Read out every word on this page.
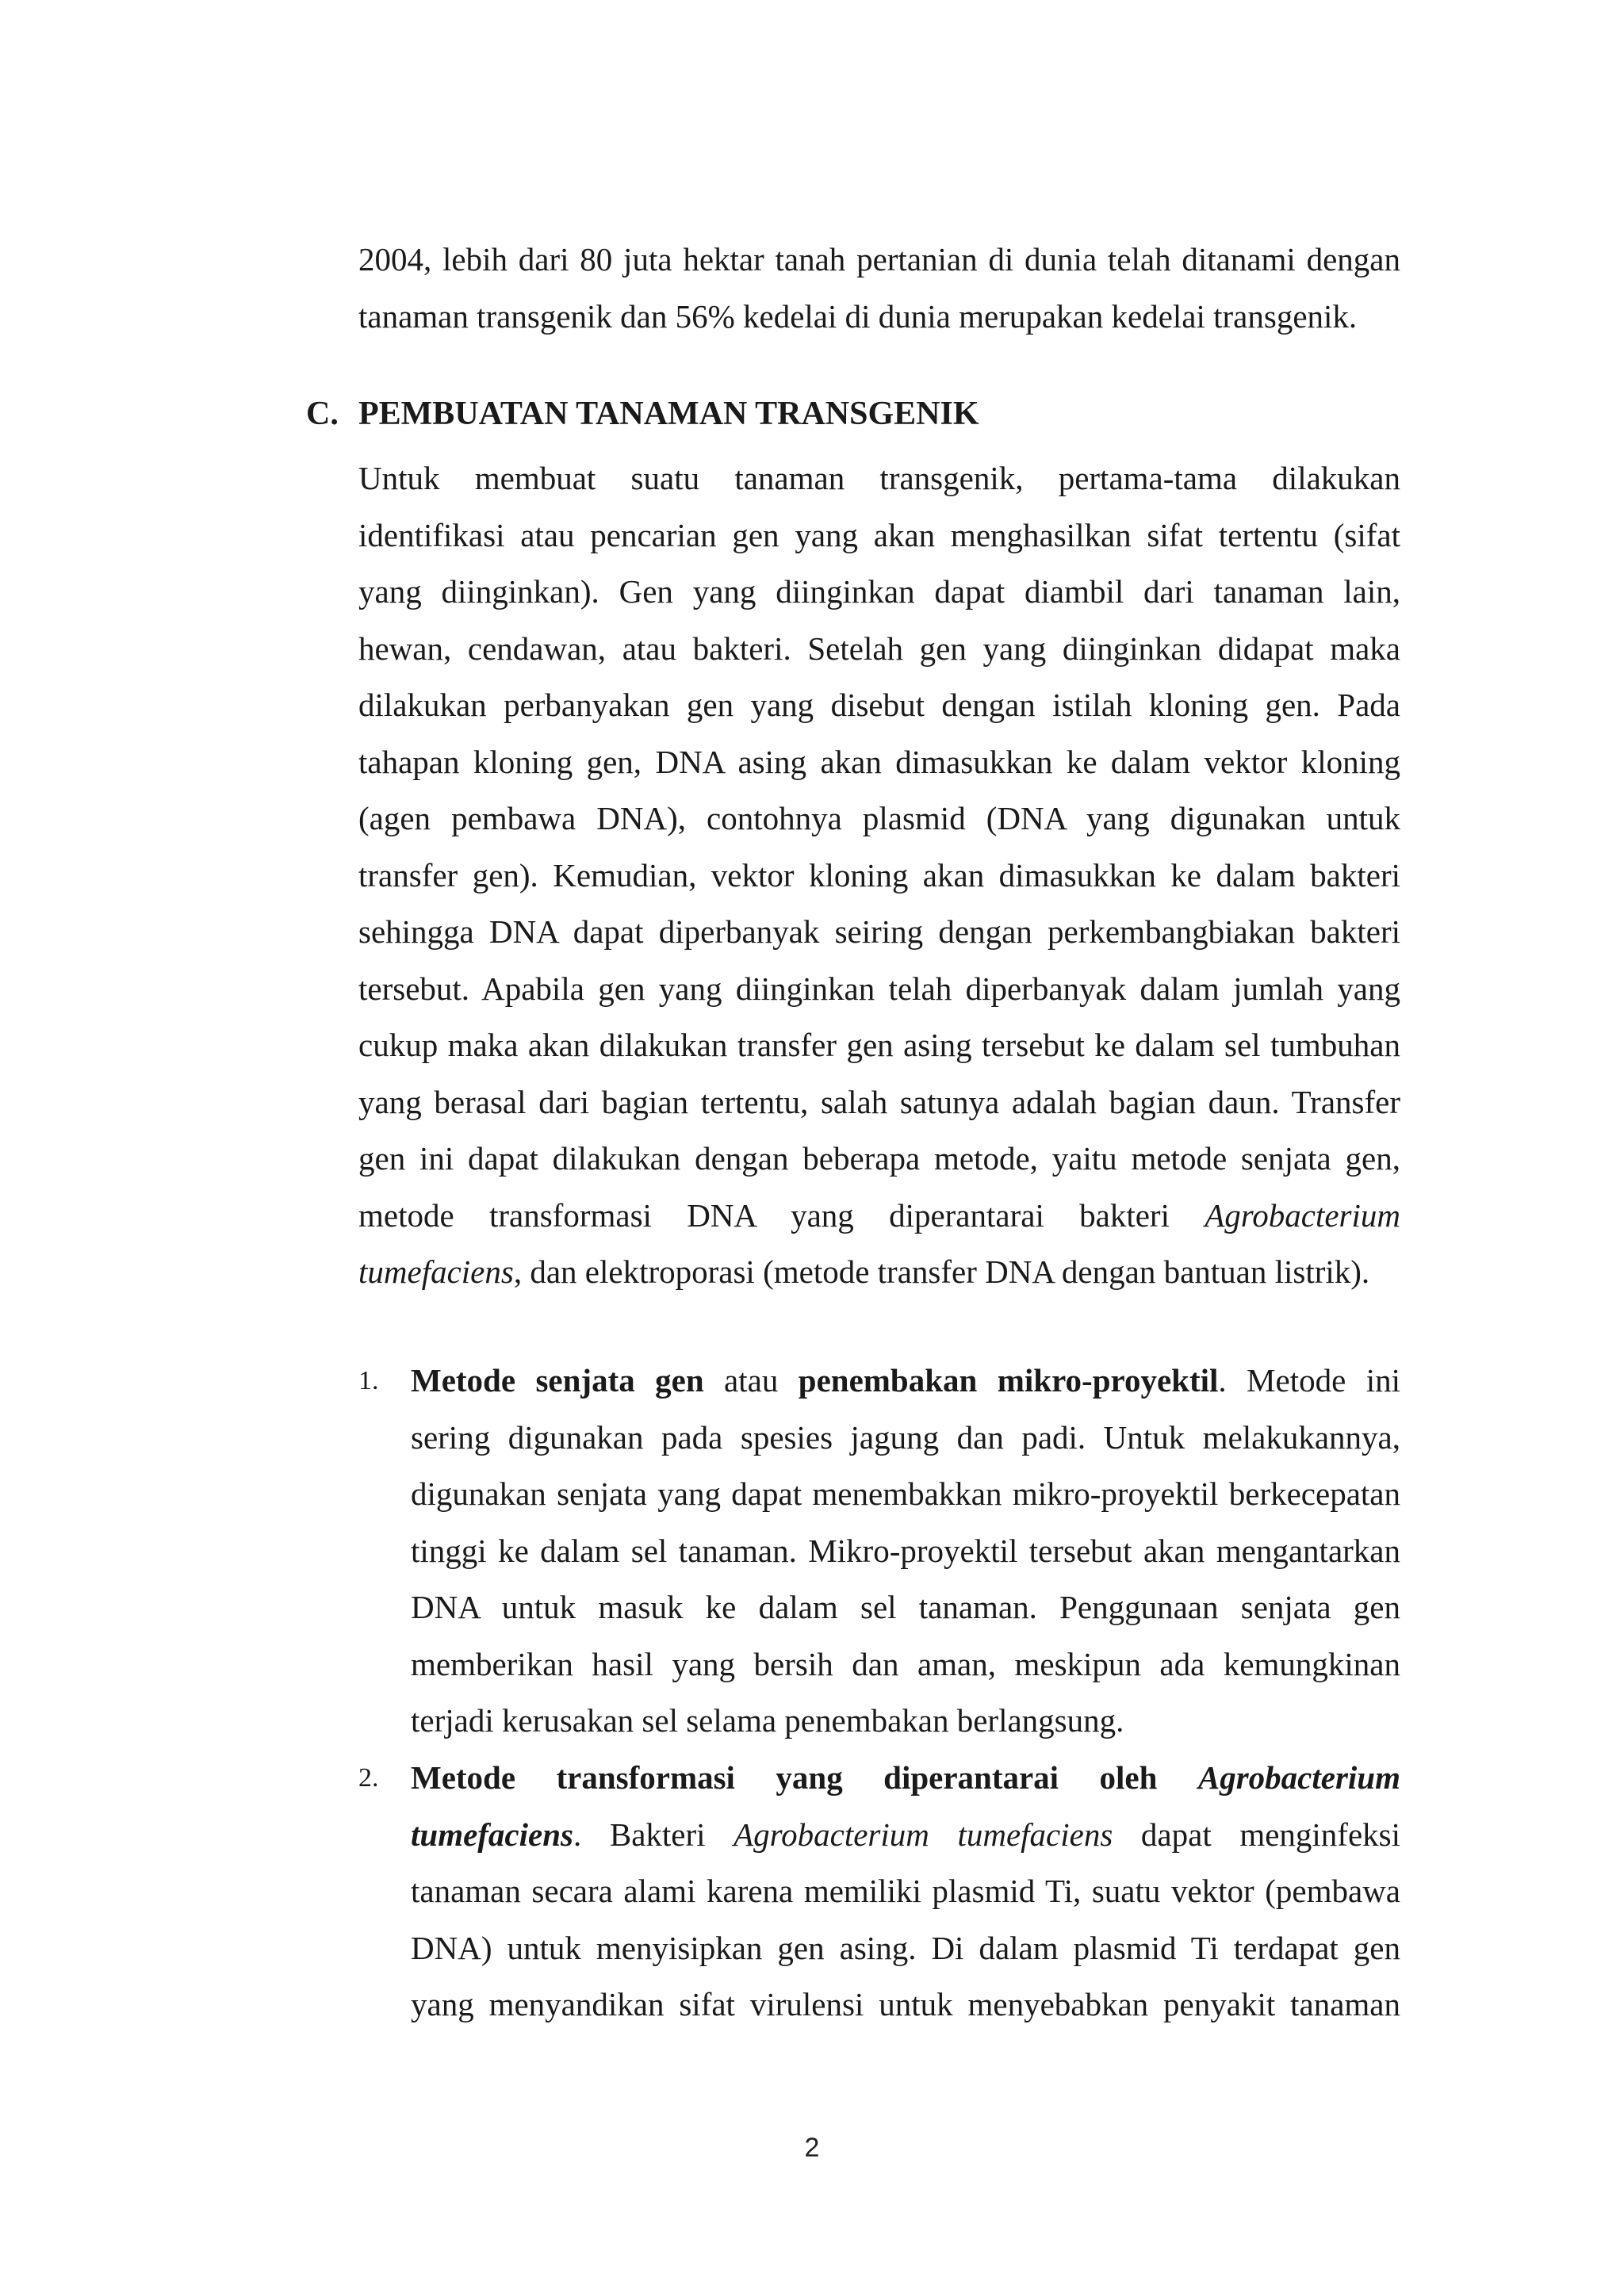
2004, lebih dari 80 juta hektar tanah pertanian di dunia telah ditanami dengan
tanaman transgenik dan 56% kedelai di dunia merupakan kedelai transgenik.
C. PEMBUATAN TANAMAN TRANSGENIK
Untuk membuat suatu tanaman transgenik, pertama-tama dilakukan
identifikasi atau pencarian gen yang akan menghasilkan sifat tertentu (sifat
yang diinginkan). Gen yang diinginkan dapat diambil dari tanaman lain,
hewan, cendawan, atau bakteri. Setelah gen yang diinginkan didapat maka
dilakukan perbanyakan gen yang disebut dengan istilah kloning gen. Pada
tahapan kloning gen, DNA asing akan dimasukkan ke dalam vektor kloning
(agen pembawa DNA), contohnya plasmid (DNA yang digunakan untuk
transfer gen). Kemudian, vektor kloning akan dimasukkan ke dalam bakteri
sehingga DNA dapat diperbanyak seiring dengan perkembangbiakan bakteri
tersebut. Apabila gen yang diinginkan telah diperbanyak dalam jumlah yang
cukup maka akan dilakukan transfer gen asing tersebut ke dalam sel tumbuhan
yang berasal dari bagian tertentu, salah satunya adalah bagian daun. Transfer
gen ini dapat dilakukan dengan beberapa metode, yaitu metode senjata gen,
metode transformasi DNA yang diperantarai bakteri Agrobacterium
tumefaciens, dan elektroporasi (metode transfer DNA dengan bantuan listrik).
1. Metode senjata gen atau penembakan mikro-proyektil. Metode ini
sering digunakan pada spesies jagung dan padi. Untuk melakukannya,
digunakan senjata yang dapat menembakkan mikro-proyektil berkecepatan
tinggi ke dalam sel tanaman. Mikro-proyektil tersebut akan mengantarkan
DNA untuk masuk ke dalam sel tanaman. Penggunaan senjata gen
memberikan hasil yang bersih dan aman, meskipun ada kemungkinan
terjadi kerusakan sel selama penembakan berlangsung.
2. Metode transformasi yang diperantarai oleh Agrobacterium
tumefaciens. Bakteri Agrobacterium tumefaciens dapat menginfeksi
tanaman secara alami karena memiliki plasmid Ti, suatu vektor (pembawa
DNA) untuk menyisipkan gen asing. Di dalam plasmid Ti terdapat gen
yang menyandikan sifat virulensi untuk menyebabkan penyakit tanaman
2
